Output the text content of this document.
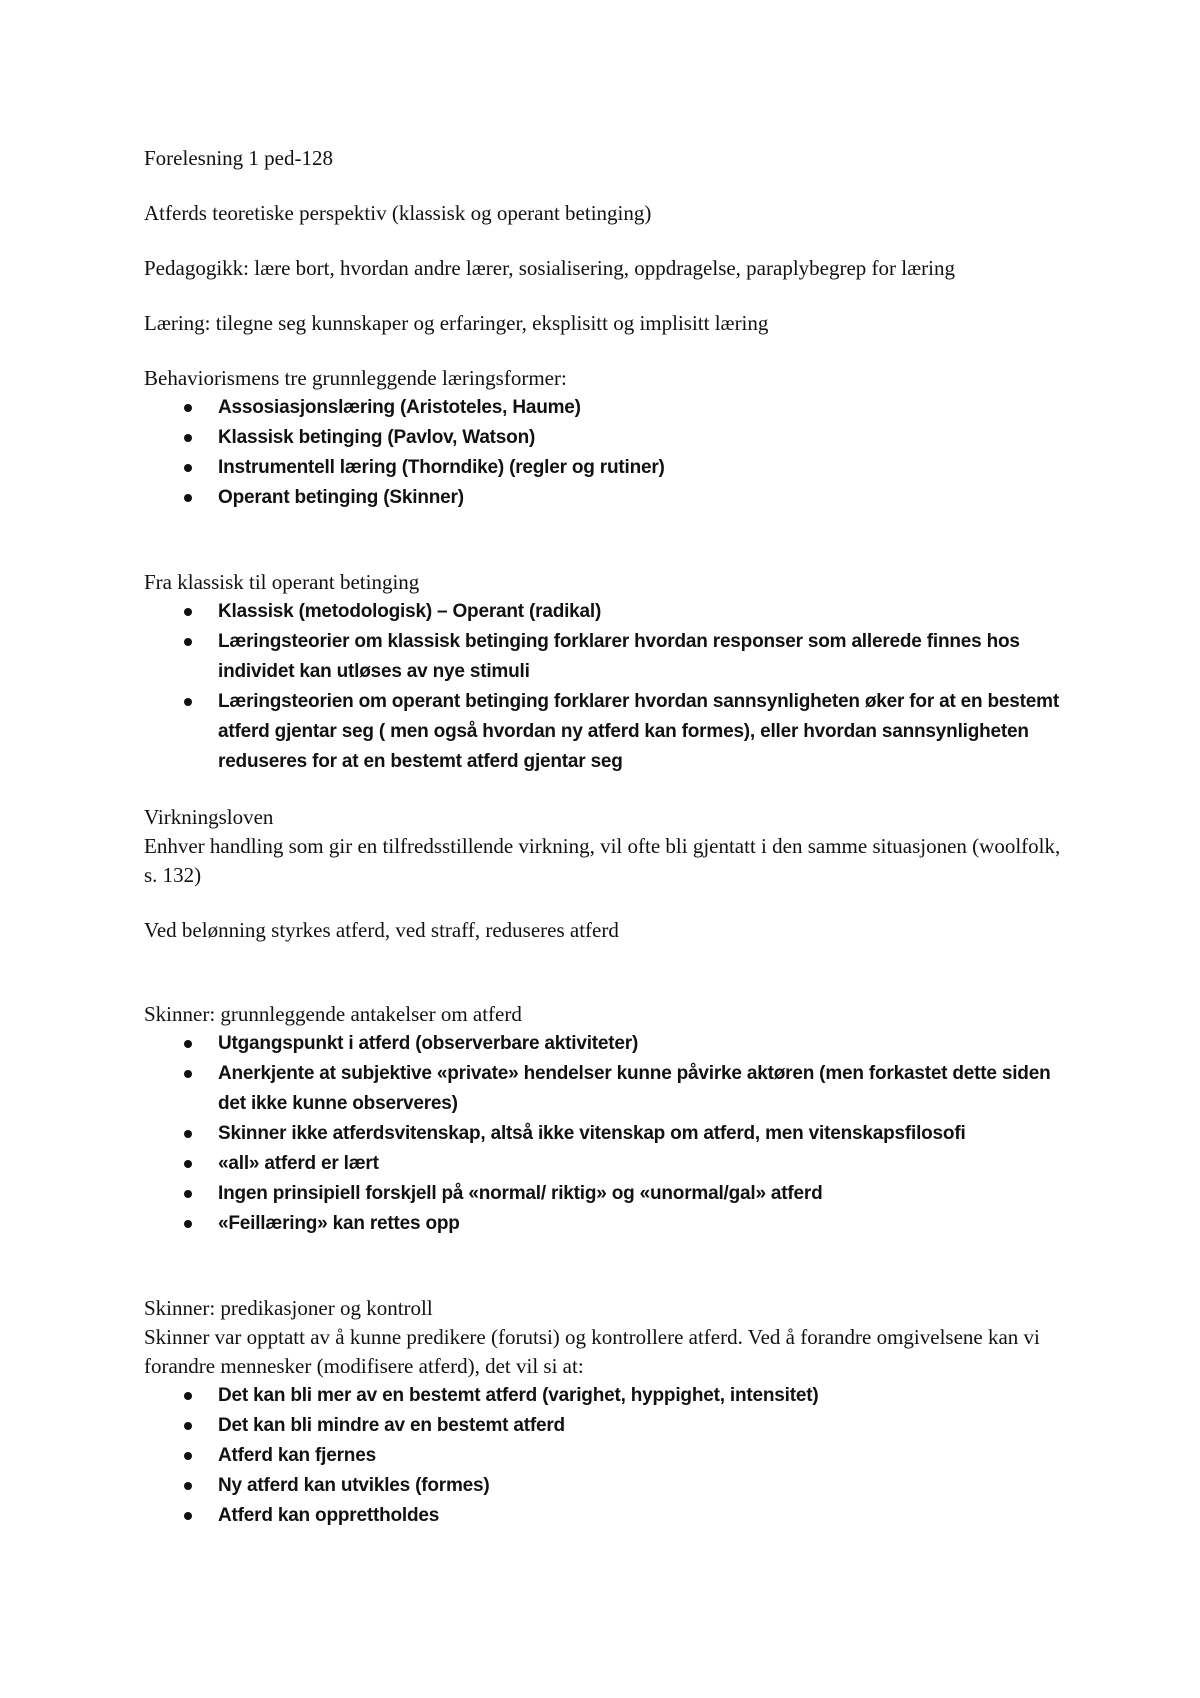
Forelesning 1 ped-128

Atferds teoretiske perspektiv (klassisk og operant betinging)

Pedagogikk: lære bort, hvordan andre lærer, sosialisering, oppdragelse, paraplybegrep for læring

Læring: tilegne seg kunnskaper og erfaringer, eksplisitt og implisitt læring

Behaviorismens tre grunnleggende læringsformer:

Assosiasjonslæring (Aristoteles, Haume)
Klassisk betinging (Pavlov, Watson)
Instrumentell læring (Thorndike) (regler og rutiner)
Operant betinging (Skinner)

Fra klassisk til operant betinging

Klassisk (metodologisk) – Operant (radikal)
Læringsteorier om klassisk betinging forklarer hvordan responser som allerede finnes hos individet kan utløses av nye stimuli
Læringsteorien om operant betinging forklarer hvordan sannsynligheten øker for at en bestemt atferd gjentar seg ( men også hvordan ny atferd kan formes), eller hvordan sannsynligheten reduseres for at en bestemt atferd gjentar seg

Virkningsloven

Enhver handling som gir en tilfredsstillende virkning, vil ofte bli gjentatt i den samme situasjonen (woolfolk, s. 132)

Ved belønning styrkes atferd, ved straff, reduseres atferd

Skinner: grunnleggende antakelser om atferd

Utgangspunkt i atferd (observerbare aktiviteter)
Anerkjente at subjektive «private» hendelser kunne påvirke aktøren (men forkastet dette siden det ikke kunne observeres)
Skinner ikke atferdsvitenskap, altså ikke vitenskap om atferd, men vitenskapsfilosofi
«all» atferd er lært
Ingen prinsipiell forskjell på «normal/ riktig» og «unormal/gal» atferd
«Feillæring» kan rettes opp

Skinner: predikasjoner og kontroll

Skinner var opptatt av å kunne predikere (forutsi) og kontrollere atferd. Ved å forandre omgivelsene kan vi forandre mennesker (modifisere atferd), det vil si at:

Det kan bli mer av en bestemt atferd (varighet, hyppighet, intensitet)
Det kan bli mindre av en bestemt atferd
Atferd kan fjernes
Ny atferd kan utvikles (formes)
Atferd kan opprettholdes
